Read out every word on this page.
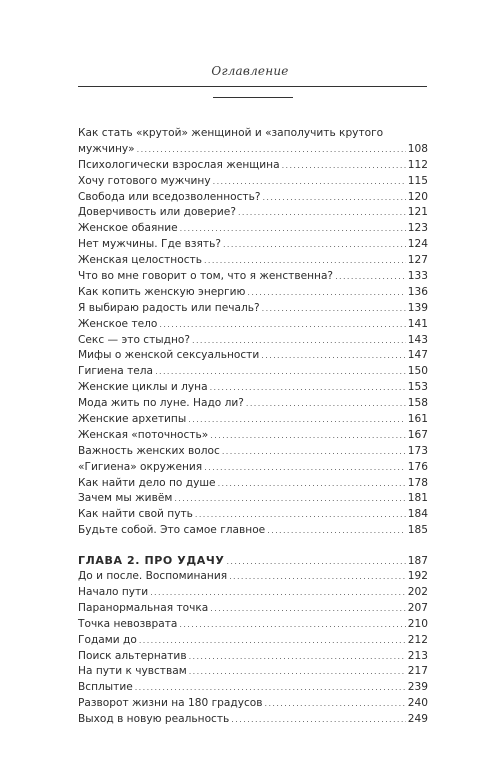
Оглавление
Как стать «крутой» женщиной и «заполучить крутого
мужчину» .....	108
Психологически взрослая женщина .....	112
Хочу готового мужчину .....	115
Свобода или вседозволенность? .....	120
Доверчивость или доверие? .....	121
Женское обаяние .....	123
Нет мужчины. Где взять? .....	124
Женская целостность .....	127
Что во мне говорит о том, что я женственна? .....	133
Как копить женскую энергию .....	136
Я выбираю радость или печаль? .....	139
Женское тело .....	141
Секс — это стыдно? .....	143
Мифы о женской сексуальности .....	147
Гигиена тела .....	150
Женские циклы и луна .....	153
Мода жить по луне. Надо ли? .....	158
Женские архетипы .....	161
Женская «поточность» .....	167
Важность женских волос .....	173
«Гигиена» окружения .....	176
Как найти дело по душе .....	178
Зачем мы живём .....	181
Как найти свой путь .....	184
Будьте собой. Это самое главное .....	185
ГЛАВА 2. ПРО УДАЧУ .....	187
До и после. Воспоминания .....	192
Начало пути .....	202
Паранормальная точка .....	207
Точка невозврата .....	210
Годами до .....	212
Поиск альтернатив .....	213
На пути к чувствам .....	217
Всплытие .....	239
Разворот жизни на 180 градусов .....	240
Выход в новую реальность .....	249
